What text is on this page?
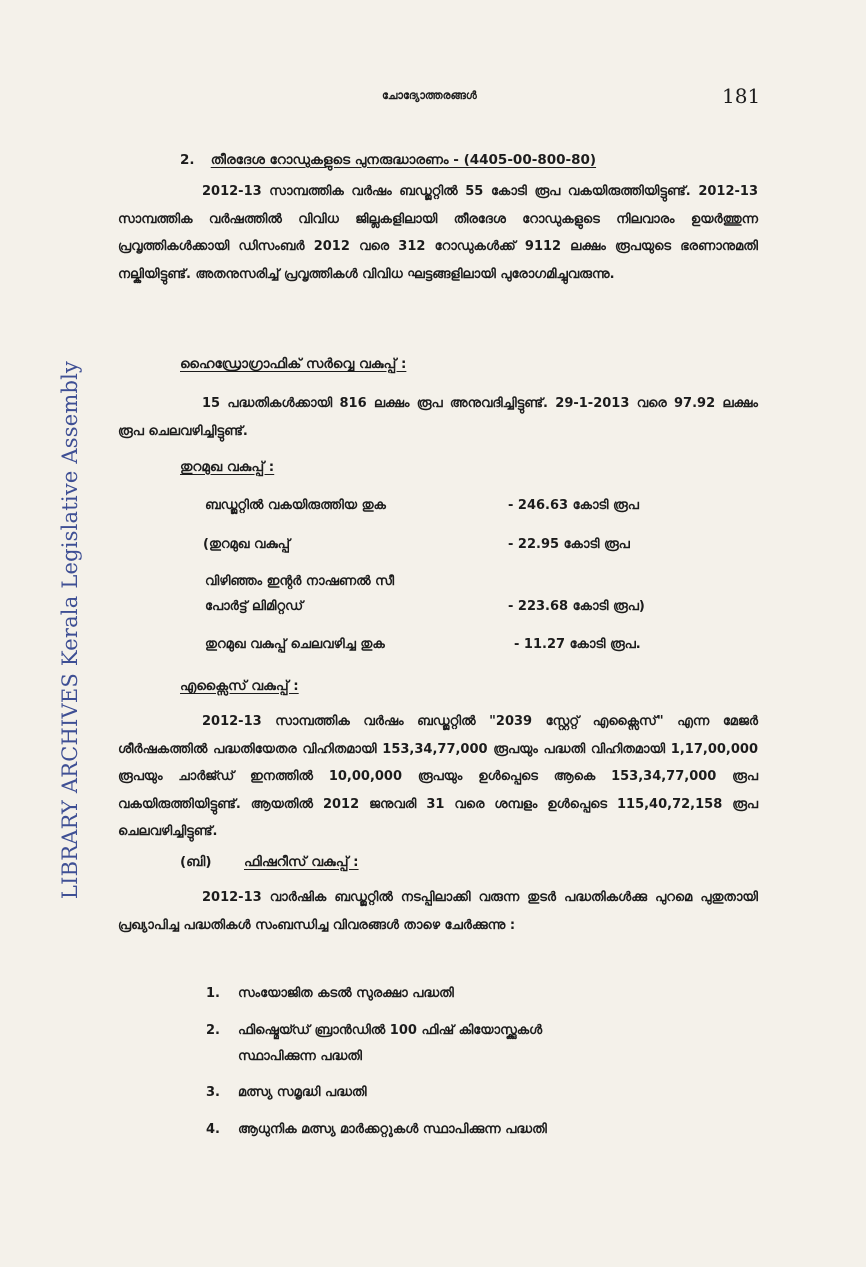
ചോദ്യോത്തരങ്ങൾ	181
LIBRARY ARCHIVES Kerala Legislative Assembly
2. തീരദേശ റോഡുകളുടെ പുനരുദ്ധാരണം - (4405-00-800-80)
2012-13 സാമ്പത്തിക വർഷം ബഡ്ജറ്റിൽ 55 കോടി രൂപ വകയിരുത്തിയിട്ടുണ്ട്. 2012-13 സാമ്പത്തിക വർഷത്തിൽ വിവിധ ജില്ലകളിലായി തീരദേശ റോഡുകളുടെ നിലവാരം ഉയർത്തുന്ന പ്രവൃത്തികൾക്കായി ഡിസംബർ 2012 വരെ 312 റോഡുകൾക്ക് 9112 ലക്ഷം രൂപയുടെ ഭരണാനുമതി നല്കിയിട്ടുണ്ട്. അതനുസരിച്ച് പ്രവൃത്തികൾ വിവിധ ഘട്ടങ്ങളിലായി പുരോഗമിച്ചുവരുന്നു.
ഹൈഡ്രോഗ്രാഫിക് സർവ്വെ വകുപ്പ് :
15 പദ്ധതികൾക്കായി 816 ലക്ഷം രൂപ അനുവദിച്ചിട്ടുണ്ട്. 29-1-2013 വരെ 97.92 ലക്ഷം രൂപ ചെലവഴിച്ചിട്ടുണ്ട്.
തുറമുഖ വകുപ്പ് :
ബഡ്ജറ്റിൽ വകയിരുത്തിയ തുക	- 246.63 കോടി രൂപ
(തുറമുഖ വകുപ്പ്	- 22.95 കോടി രൂപ
വിഴിഞ്ഞം ഇന്റർ നാഷണൽ സീ
പോർട്ട് ലിമിറ്റഡ്	- 223.68 കോടി രൂപ)
തുറമുഖ വകുപ്പ് ചെലവഴിച്ച തുക	- 11.27 കോടി രൂപ.
എക്സൈസ് വകുപ്പ് :
2012-13 സാമ്പത്തിക വർഷം ബഡ്ജറ്റിൽ "2039 സ്റ്റേറ്റ് എക്സൈസ്" എന്ന മേജർ ശീർഷകത്തിൽ പദ്ധതിയേതര വിഹിതമായി 153,34,77,000 രൂപയും പദ്ധതി വിഹിതമായി 1,17,00,000 രൂപയും ചാർജ്ഡ് ഇനത്തിൽ 10,00,000 രൂപയും ഉൾപ്പെടെ ആകെ 153,34,77,000 രൂപ വകയിരുത്തിയിട്ടുണ്ട്. ആയതിൽ 2012 ജനുവരി 31 വരെ ശമ്പളം ഉൾപ്പെടെ 115,40,72,158 രൂപ ചെലവഴിച്ചിട്ടുണ്ട്.
(ബി) ഫിഷറീസ് വകുപ്പ് :
2012-13 വാർഷിക ബഡ്ജറ്റിൽ നടപ്പിലാക്കി വരുന്ന തുടർ പദ്ധതികൾക്കു പുറമെ പുതുതായി പ്രഖ്യാപിച്ച പദ്ധതികൾ സംബന്ധിച്ച വിവരങ്ങൾ താഴെ ചേർക്കുന്നു :
1.	സംയോജിത കടൽ സുരക്ഷാ പദ്ധതി
2.	ഫിഷ്മെയ്ഡ് ബ്രാൻഡിൽ 100 ഫിഷ് കിയോസ്ക്കുകൾ
സ്ഥാപിക്കുന്ന പദ്ധതി
3.	മത്സ്യ സമൃദ്ധി പദ്ധതി
4.	ആധുനിക മത്സ്യ മാർക്കറ്റുകൾ സ്ഥാപിക്കുന്ന പദ്ധതി
